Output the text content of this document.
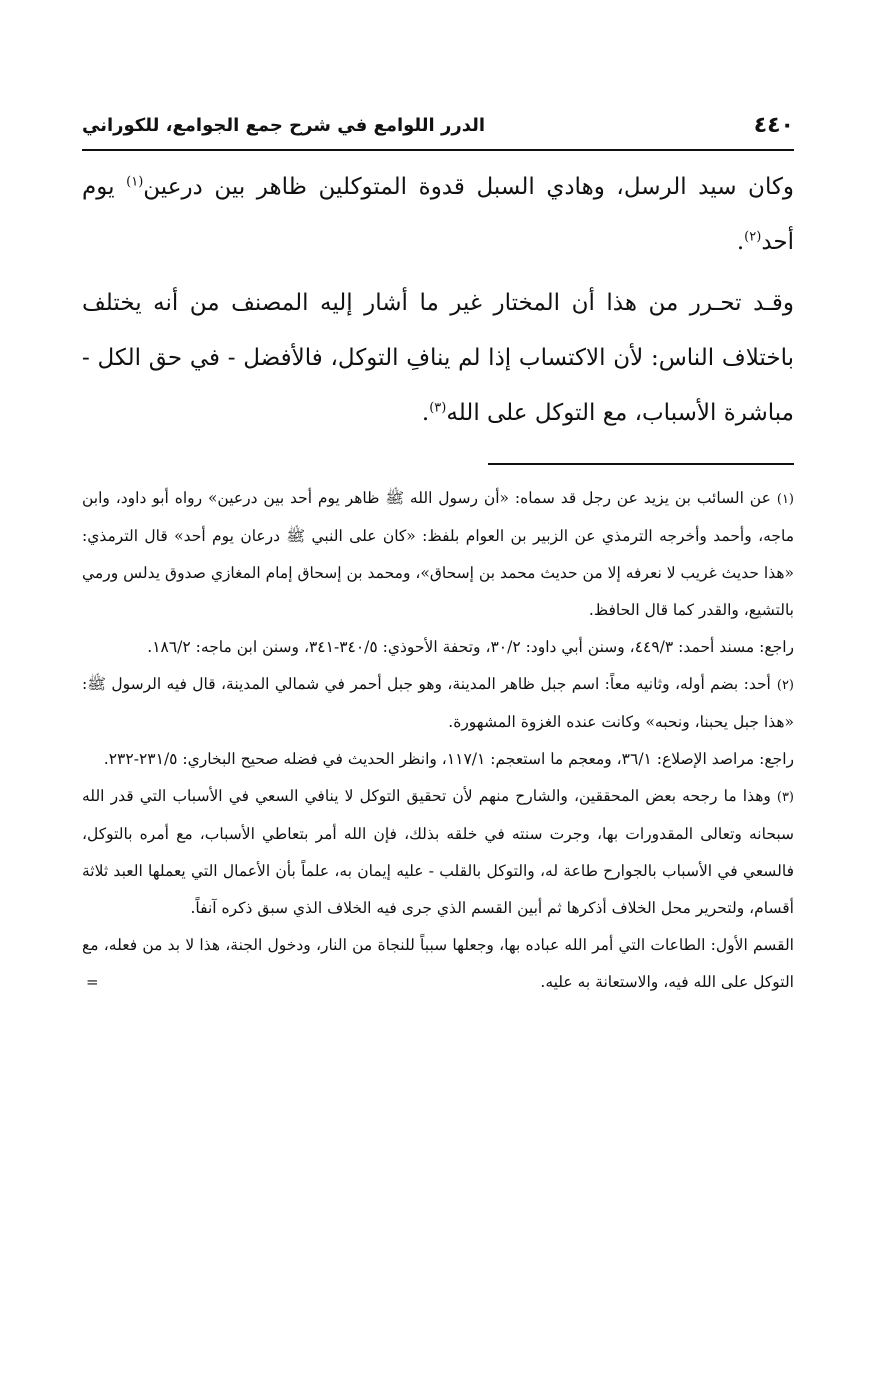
٤٤٠
الدرر اللوامع في شرح جمع الجوامع، للكوراني

وكان سيد الرسل، وهادي السبل قدوة المتوكلين ظاهر بين درعين$^{(١)}$ يوم أحد$^{(٢)}$.

وقـد تحـرر من هذا أن المختار غير ما أشار إليه المصنف من أنه يختلف باختلاف الناس: لأن الاكتساب إذا لم ينافِ التوكل، فالأفضل - في حق الكل - مباشرة الأسباب، مع التوكل على الله$^{(٣)}$.

(١)عن السائب بن يزيد عن رجل قد سماه: «أن رسول الله ﷺ ظاهر يوم أحد بين درعين» رواه أبو داود، وابن ماجه، وأحمد وأخرجه الترمذي عن الزبير بن العوام بلفظ: «كان على النبي ﷺ درعان يوم أحد» قال الترمذي: «هذا حديث غريب لا نعرفه إلا من حديث محمد بن إسحاق»، ومحمد بن إسحاق إمام المغازي صدوق يدلس ورمي بالتشيع، والقدر كما قال الحافظ.

راجع: مسند أحمد: ٤٤٩/٣، وسنن أبي داود: ٣٠/٢، وتحفة الأحوذي: ٣٤٠/٥-٣٤١، وسنن ابن ماجه: ١٨٦/٢.

(٢)أحد: بضم أوله، وثانيه معاً: اسم جبل ظاهر المدينة، وهو جبل أحمر في شمالي المدينة، قال فيه الرسول ﷺ: «هذا جبل يحبنا، ونحبه» وكانت عنده الغزوة المشهورة.

راجع: مراصد الإصلاع: ٣٦/١، ومعجم ما استعجم: ١١٧/١، وانظر الحديث في فضله صحيح البخاري: ٢٣١/٥-٢٣٢.

(٣)وهذا ما رجحه بعض المحققين، والشارح منهم لأن تحقيق التوكل لا ينافي السعي في الأسباب التي قدر الله سبحانه وتعالى المقدورات بها، وجرت سنته في خلقه بذلك، فإن الله أمر بتعاطي الأسباب، مع أمره بالتوكل، فالسعي في الأسباب بالجوارح طاعة له، والتوكل بالقلب - عليه إيمان به، علماً بأن الأعمال التي يعملها العبد ثلاثة أقسام، ولتحرير محل الخلاف أذكرها ثم أبين القسم الذي جرى فيه الخلاف الذي سبق ذكره آنفاً.

القسم الأول: الطاعات التي أمر الله عباده بها، وجعلها سبباً للنجاة من النار، ودخول الجنة، هذا لا بد من فعله، مع التوكل على الله فيه، والاستعانة به عليه.
=
